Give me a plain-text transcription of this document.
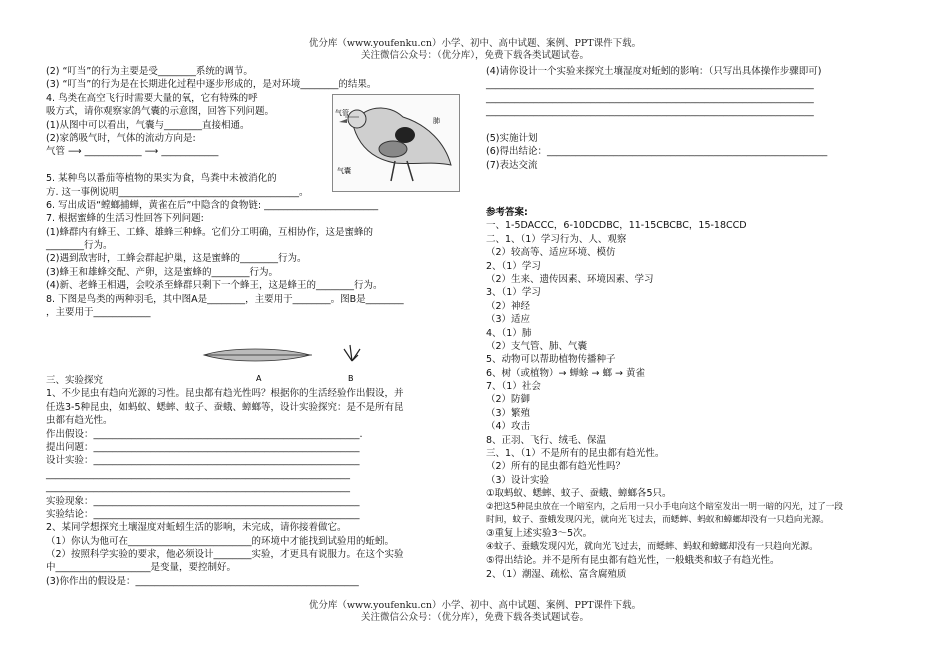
优分库（www.youfenku.cn）小学、初中、高中试题、案例、PPT课件下载。
关注微信公众号：（优分库），免费下载各类试题试卷。
(2) “叮当”的行为主要是受________系统的调节。
(3) “叮当”的行为是在长期进化过程中逐步形成的，是对环境________的结果。
4. 鸟类在高空飞行时需要大量的氧，它有特殊的呼
吸方式，请你观察家鸽气囊的示意图，回答下列问题。
(1)从图中可以看出，气囊与________直接相通。
(2)家鸽吸气时，气体的流动方向是:
气管 ⟶ ____________ ⟶ ____________
5. 某种鸟以番茄等植物的果实为食，鸟粪中未被消化的
方. 这一事例说明______________________________________。
6. 写出成语“螳螂捕蝉，黄雀在后”中隐含的食物链: ________________________
7. 根据蜜蜂的生活习性回答下列问题:
(1)蜂群内有蜂王、工蜂、雄蜂三种蜂。它们分工明确，互相协作，这是蜜蜂的
________行为。
(2)遇到敌害时，工蜂会群起护巢，这是蜜蜂的________行为。
(3)蜂王和雄蜂交配、产卵，这是蜜蜂的________行为。
(4)新、老蜂王相遇，会咬杀至蜂群只剩下一个蜂王，这是蜂王的________行为。
8. 下图是鸟类的两种羽毛，其中图A是________，主要用于________。图B是________
，主要用于____________
三、实验探究
1、不少昆虫有趋向光源的习性。昆虫都有趋光性吗？根据你的生活经验作出假设，并
任选3-5种昆虫，如蚂蚁、蟋蟀、蚊子、蚕蛾、蟑螂等，设计实验探究：是不是所有昆
虫都有趋光性。
作出假设：________________________________________________________.
提出问题：________________________________________________________
设计实验：________________________________________________________
________________________________________________________________
________________________________________________________________
实验现象：________________________________________________________
实验结论：________________________________________________________
2、某同学想探究土壤湿度对蚯蚓生活的影响，未完成，请你接着做它。
（1）你认为他可在__________________________的环境中才能找到试验用的蚯蚓。
（2）按照科学实验的要求，他必须设计________实验，才更具有说服力。在这个实验
中____________________是变量，要控制好。
(3)你作出的假设是：_______________________________________________
气管
肺
气囊
A	B
(4)请你设计一个实验来探究土壤湿度对蚯蚓的影响：（只写出具体操作步骤即可)
_____________________________________________________________________
_____________________________________________________________________
_____________________________________________________________________
(5)实施计划
(6)得出结论：___________________________________________________________
(7)表达交流
参考答案:
一、1-5DACCC，6-10DCDBC，11-15CBCBC，15-18CCD
二、1、（1）学习行为、人、观察
（2）较高等、适应环境、模仿
2、（1）学习
（2）生来、遗传因素、环境因素、学习
3、（1）学习
（2）神经
（3）适应
4、（1）肺
（2）支气管、肺、气囊
5、动物可以帮助植物传播种子
6、树（或植物）→ 蝉蜍 → 螂 → 黄雀
7、（1）社会
（2）防御
（3）繁殖
（4）攻击
8、正羽、飞行、绒毛、保温
三、1、（1）不是所有的昆虫都有趋光性。
（2）所有的昆虫都有趋光性吗？
（3）设计实验
①取蚂蚁、蟋蟀、蚊子、蚕蛾、蟑螂各5只。
②把这5种昆虫放在一个暗室内，之后用一只小手电向这个暗室发出一明一暗的闪光，过了一段
时间，蚊子、蚕蛾发现闪光，就向光飞过去，而蟋蟀、蚂蚁和蟑螂却没有一只趋向光源。
③重复上述实验3～5次。
④蚊子、蚕蛾发现闪光，就向光飞过去，而蟋蟀、蚂蚁和蟑螂却没有一只趋向光源。
⑤得出结论。并不是所有昆虫都有趋光性，一般蛾类和蚊子有趋光性。
2、（1）潮湿、疏松、富含腐殖质
优分库（www.youfenku.cn）小学、初中、高中试题、案例、PPT课件下载。
关注微信公众号：（优分库），免费下载各类试题试卷。
